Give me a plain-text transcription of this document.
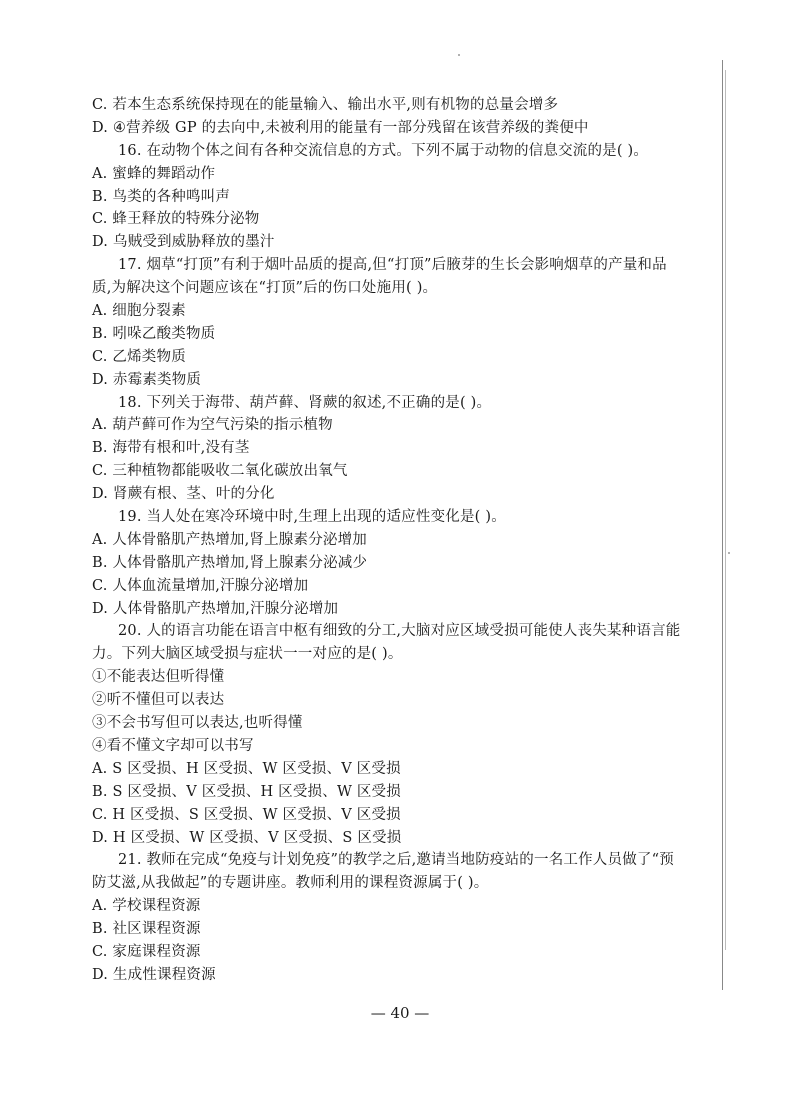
C. 若本生态系统保持现在的能量输入、输出水平,则有机物的总量会增多
D. ④营养级 GP 的去向中,未被利用的能量有一部分残留在该营养级的粪便中
16. 在动物个体之间有各种交流信息的方式。下列不属于动物的信息交流的是( )。
A. 蜜蜂的舞蹈动作
B. 鸟类的各种鸣叫声
C. 蜂王释放的特殊分泌物
D. 乌贼受到威胁释放的墨汁
17. 烟草“打顶”有利于烟叶品质的提高,但“打顶”后腋芽的生长会影响烟草的产量和品
质,为解决这个问题应该在“打顶”后的伤口处施用( )。
A. 细胞分裂素
B. 吲哚乙酸类物质
C. 乙烯类物质
D. 赤霉素类物质
18. 下列关于海带、葫芦藓、肾蕨的叙述,不正确的是( )。
A. 葫芦藓可作为空气污染的指示植物
B. 海带有根和叶,没有茎
C. 三种植物都能吸收二氧化碳放出氧气
D. 肾蕨有根、茎、叶的分化
19. 当人处在寒冷环境中时,生理上出现的适应性变化是( )。
A. 人体骨骼肌产热增加,肾上腺素分泌增加
B. 人体骨骼肌产热增加,肾上腺素分泌减少
C. 人体血流量增加,汗腺分泌增加
D. 人体骨骼肌产热增加,汗腺分泌增加
20. 人的语言功能在语言中枢有细致的分工,大脑对应区域受损可能使人丧失某种语言能
力。下列大脑区域受损与症状一一对应的是( )。
①不能表达但听得懂
②听不懂但可以表达
③不会书写但可以表达,也听得懂
④看不懂文字却可以书写
A. S 区受损、H 区受损、W 区受损、V 区受损
B. S 区受损、V 区受损、H 区受损、W 区受损
C. H 区受损、S 区受损、W 区受损、V 区受损
D. H 区受损、W 区受损、V 区受损、S 区受损
21. 教师在完成“免疫与计划免疫”的教学之后,邀请当地防疫站的一名工作人员做了“预
防艾滋,从我做起”的专题讲座。教师利用的课程资源属于( )。
A. 学校课程资源
B. 社区课程资源
C. 家庭课程资源
D. 生成性课程资源
— 40 —
